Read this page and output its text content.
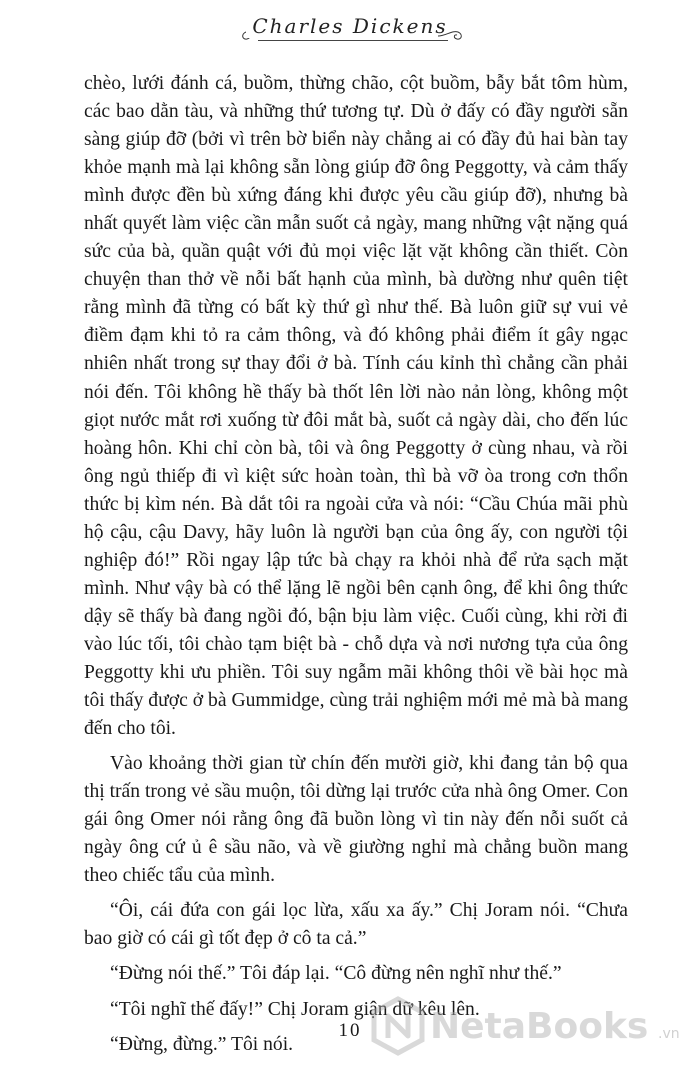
Charles Dickens

chèo, lưới đánh cá, buồm, thừng chão, cột buồm, bẫy bắt tôm hùm, các bao dằn tàu, và những thứ tương tự. Dù ở đấy có đầy người sẵn sàng giúp đỡ (bởi vì trên bờ biển này chẳng ai có đầy đủ hai bàn tay khỏe mạnh mà lại không sẵn lòng giúp đỡ ông Peggotty, và cảm thấy mình được đền bù xứng đáng khi được yêu cầu giúp đỡ), nhưng bà nhất quyết làm việc cần mẫn suốt cả ngày, mang những vật nặng quá sức của bà, quần quật với đủ mọi việc lặt vặt không cần thiết. Còn chuyện than thở về nỗi bất hạnh của mình, bà dường như quên tiệt rằng mình đã từng có bất kỳ thứ gì như thế. Bà luôn giữ sự vui vẻ điềm đạm khi tỏ ra cảm thông, và đó không phải điểm ít gây ngạc nhiên nhất trong sự thay đổi ở bà. Tính cáu kỉnh thì chẳng cần phải nói đến. Tôi không hề thấy bà thốt lên lời nào nản lòng, không một giọt nước mắt rơi xuống từ đôi mắt bà, suốt cả ngày dài, cho đến lúc hoàng hôn. Khi chỉ còn bà, tôi và ông Peggotty ở cùng nhau, và rồi ông ngủ thiếp đi vì kiệt sức hoàn toàn, thì bà vỡ òa trong cơn thổn thức bị kìm nén. Bà dắt tôi ra ngoài cửa và nói: “Cầu Chúa mãi phù hộ cậu, cậu Davy, hãy luôn là người bạn của ông ấy, con người tội nghiệp đó!” Rồi ngay lập tức bà chạy ra khỏi nhà để rửa sạch mặt mình. Như vậy bà có thể lặng lẽ ngồi bên cạnh ông, để khi ông thức dậy sẽ thấy bà đang ngồi đó, bận bịu làm việc. Cuối cùng, khi rời đi vào lúc tối, tôi chào tạm biệt bà - chỗ dựa và nơi nương tựa của ông Peggotty khi ưu phiền. Tôi suy ngẫm mãi không thôi về bài học mà tôi thấy được ở bà Gummidge, cùng trải nghiệm mới mẻ mà bà mang đến cho tôi.

Vào khoảng thời gian từ chín đến mười giờ, khi đang tản bộ qua thị trấn trong vẻ sầu muộn, tôi dừng lại trước cửa nhà ông Omer. Con gái ông Omer nói rằng ông đã buồn lòng vì tin này đến nỗi suốt cả ngày ông cứ ủ ê sầu não, và về giường nghỉ mà chẳng buồn mang theo chiếc tẩu của mình.

“Ôi, cái đứa con gái lọc lừa, xấu xa ấy.” Chị Joram nói. “Chưa bao giờ có cái gì tốt đẹp ở cô ta cả.”

“Đừng nói thế.” Tôi đáp lại. “Cô đừng nên nghĩ như thế.”

“Tôi nghĩ thế đấy!” Chị Joram giận dữ kêu lên.

“Đừng, đừng.” Tôi nói.

10	NetaBooks .vn
